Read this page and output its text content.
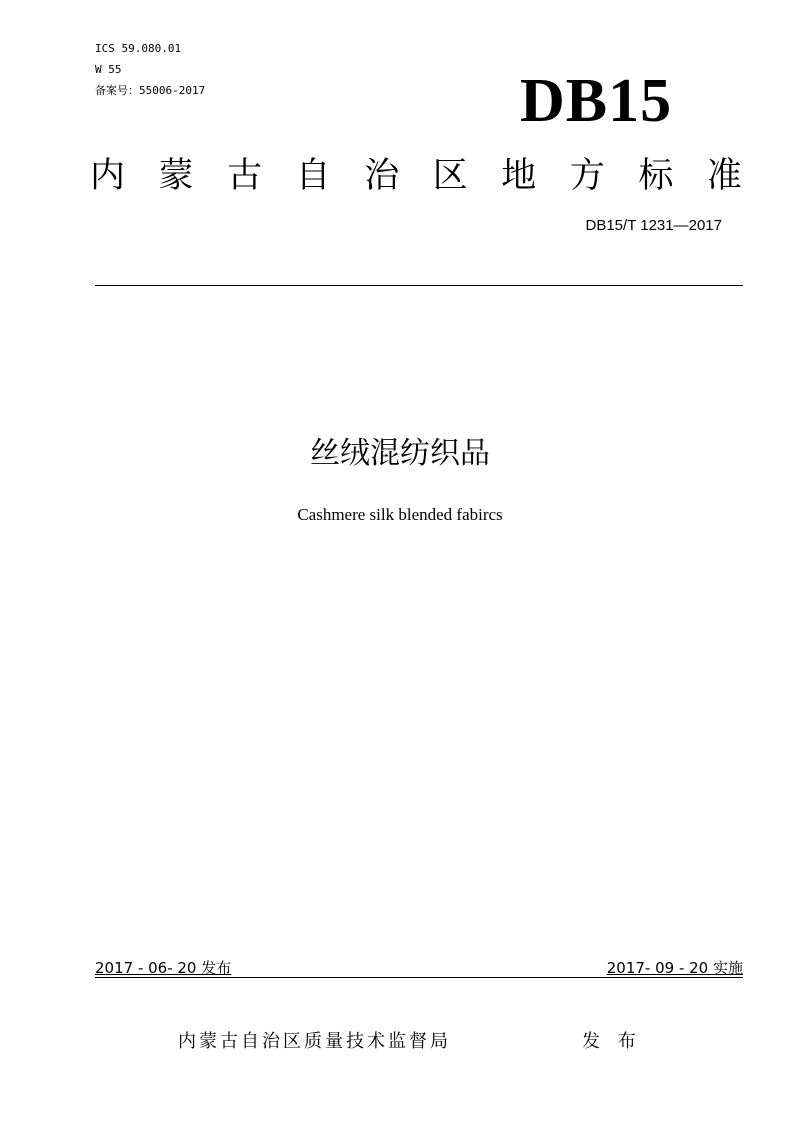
ICS 59.080.01
W 55
备案号：55006-2017	DB15
内 蒙 古 自 治 区 地 方 标 准
DB15/T 1231—2017
丝绒混纺织品
Cashmere silk blended fabircs
2017 - 06- 20 发布	2017- 09 - 20 实施
内蒙古自治区质量技术监督局	发 布
